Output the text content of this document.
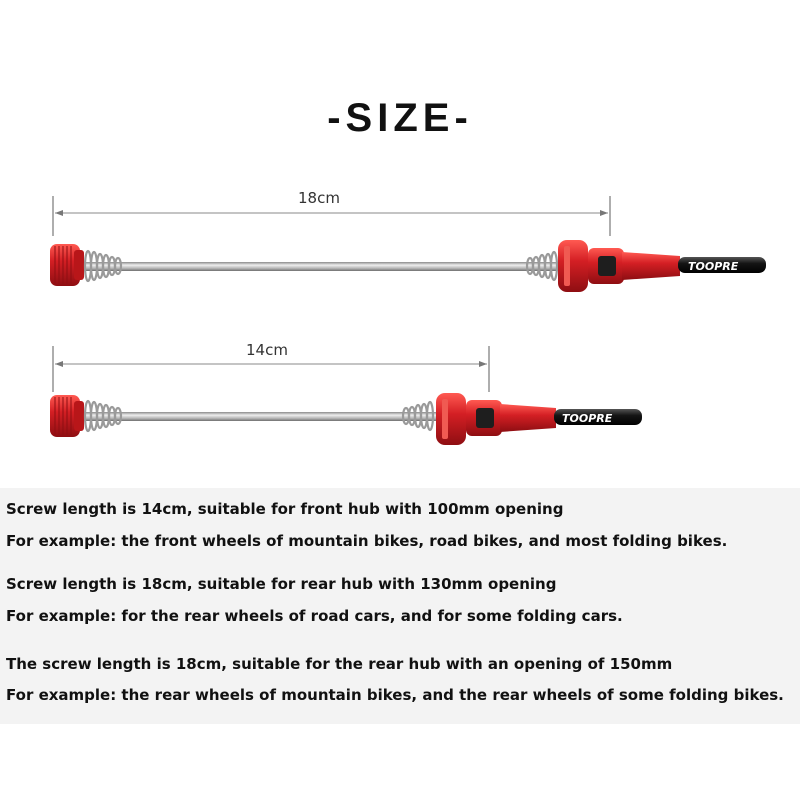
-SIZE-
18cm
14cm
TOOPRE
TOOPRE
Screw length is 14cm, suitable for front hub with 100mm opening
For example: the front wheels of mountain bikes, road bikes, and most folding bikes.
Screw length is 18cm, suitable for rear hub with 130mm opening
For example: for the rear wheels of road cars, and for some folding cars.
The screw length is 18cm, suitable for the rear hub with an opening of 150mm
For example: the rear wheels of mountain bikes, and the rear wheels of some folding bikes.
